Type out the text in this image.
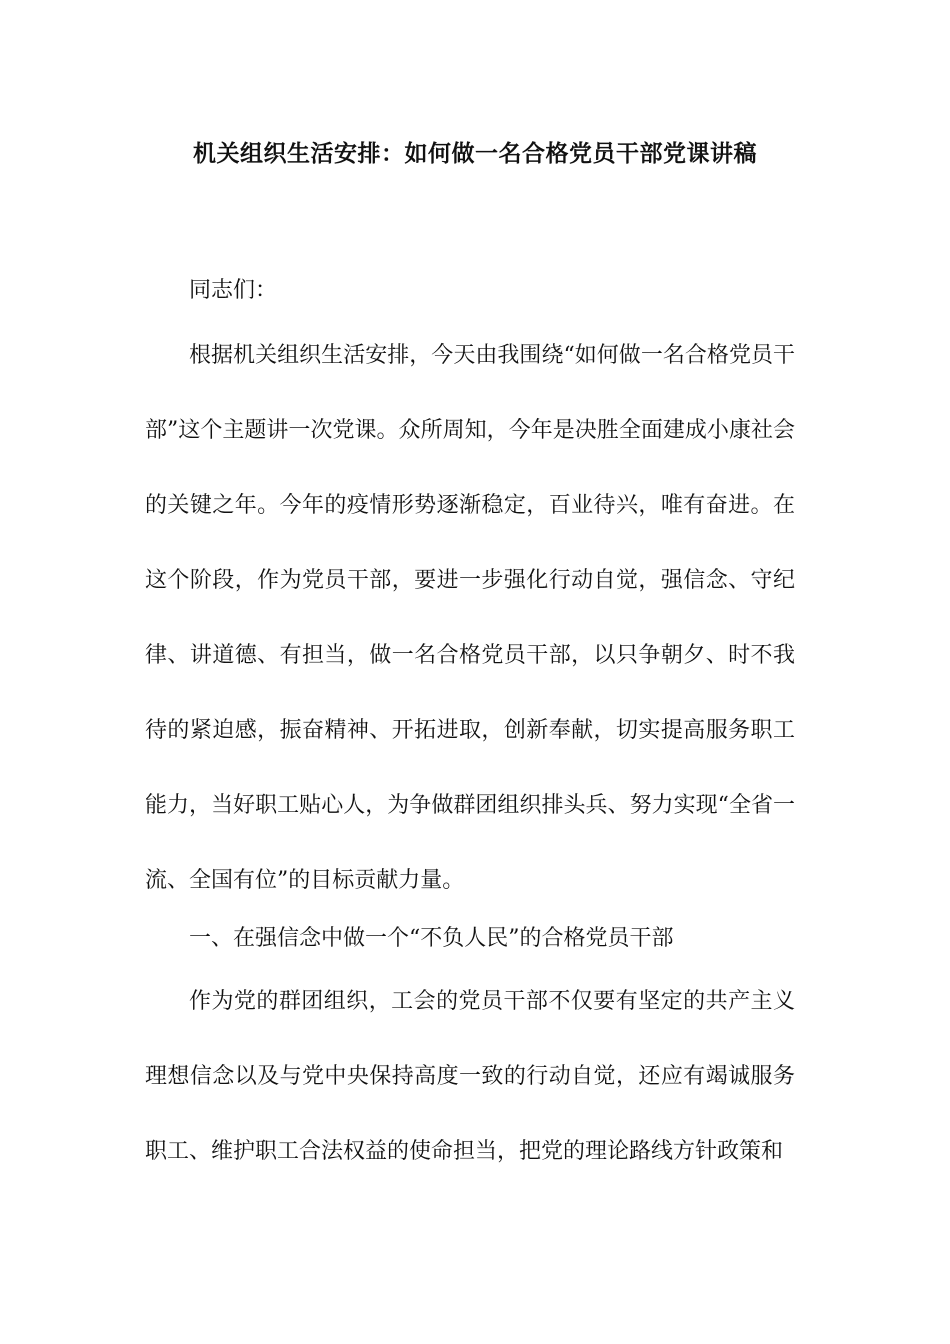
机关组织生活安排：如何做一名合格党员干部党课讲稿

同志们：

根据机关组织生活安排，今天由我围绕“如何做一名合格党员干部”这个主题讲一次党课。众所周知，今年是决胜全面建成小康社会的关键之年。今年的疫情形势逐渐稳定，百业待兴，唯有奋进。在这个阶段，作为党员干部，要进一步强化行动自觉，强信念、守纪律、讲道德、有担当，做一名合格党员干部，以只争朝夕、时不我待的紧迫感，振奋精神、开拓进取，创新奉献，切实提高服务职工能力，当好职工贴心人，为争做群团组织排头兵、努力实现“全省一流、全国有位”的目标贡献力量。

一、在强信念中做一个“不负人民”的合格党员干部

作为党的群团组织，工会的党员干部不仅要有坚定的共产主义理想信念以及与党中央保持高度一致的行动自觉，还应有竭诚服务职工、维护职工合法权益的使命担当，把党的理论路线方针政策和
